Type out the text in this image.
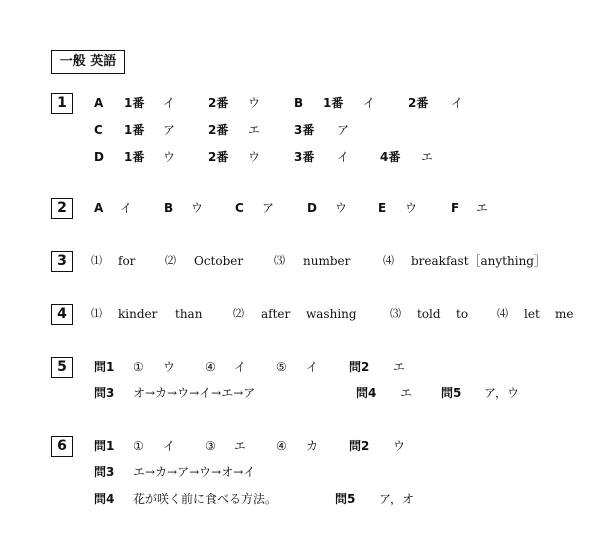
一般 英語
1	A 1番 イ	2番 ウ	B 1番 イ	2番 イ
C 1番 ア	2番 エ	3番 ア
D 1番 ウ	2番 ウ	3番 イ	4番 エ
2	A イ	B ウ	C ア	D ウ	E ウ	F エ
3	⑴ for	⑵ October	⑶ number	⑷ breakfast［anything］
4	⑴ kinder than	⑵ after washing	⑶ told to	⑷ let me
5	問1 ① ウ ④ イ ⑤ イ	問2 エ
問3 オ→カ→ウ→イ→エ→ア	問4 エ 問5 ア，ウ
6	問1 ① イ ③ エ ④ カ	問2 ウ
問3 エ→カ→ア→ウ→オ→イ
問4 花が咲く前に食べる方法。	問5 ア，オ
